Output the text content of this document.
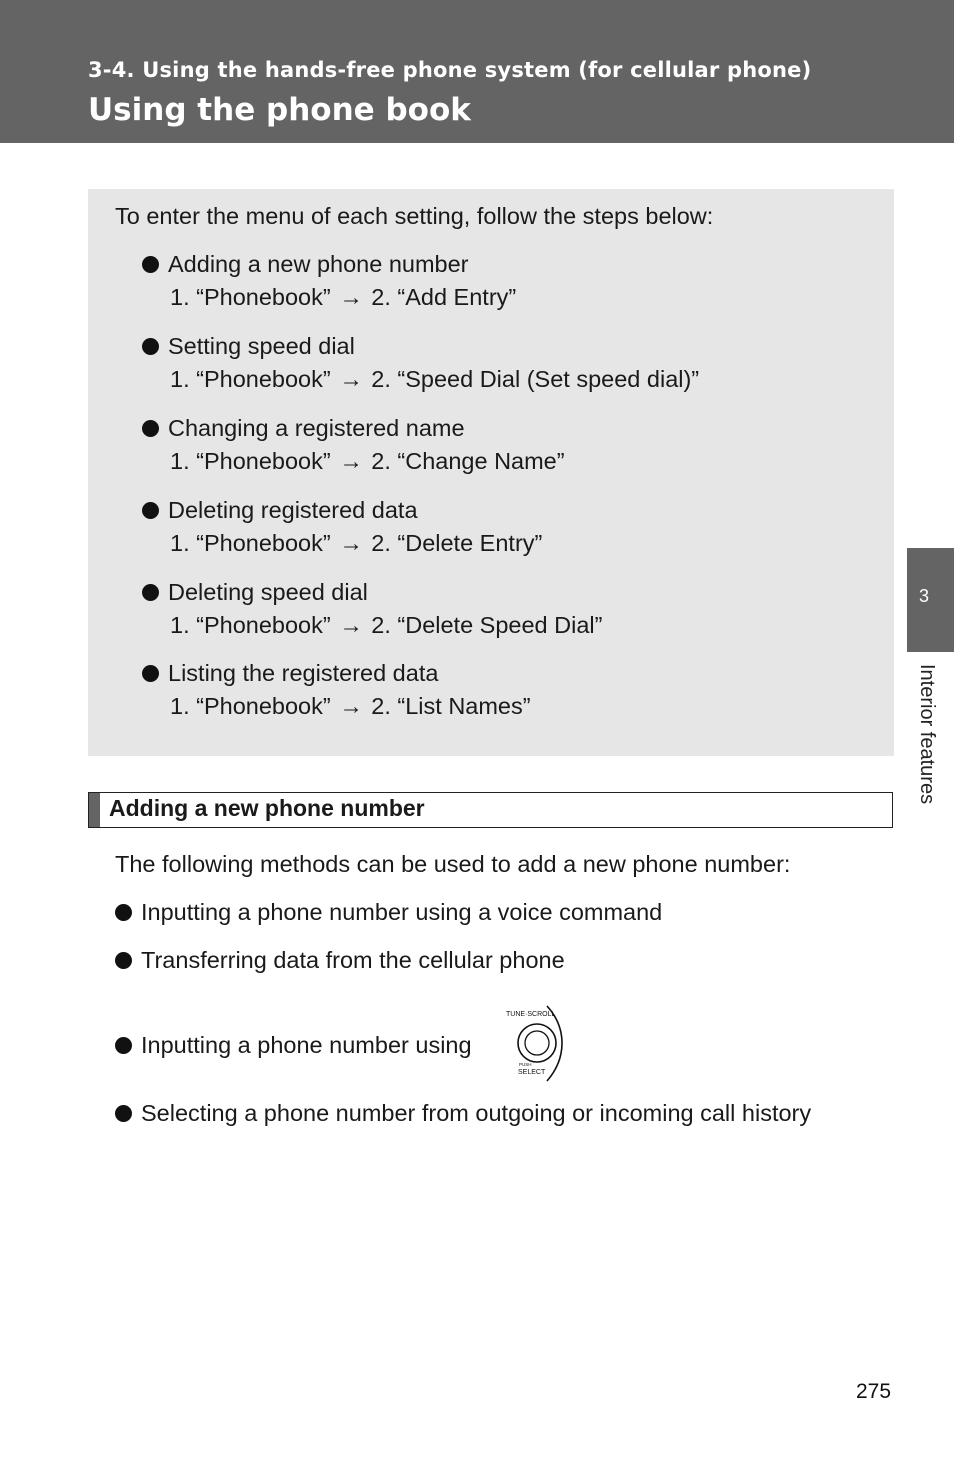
3-4. Using the hands-free phone system (for cellular phone)
Using the phone book
To enter the menu of each setting, follow the steps below:
Adding a new phone number
1. “Phonebook” → 2. “Add Entry”
Setting speed dial
1. “Phonebook” → 2. “Speed Dial (Set speed dial)”
Changing a registered name
1. “Phonebook” → 2. “Change Name”
Deleting registered data
1. “Phonebook” → 2. “Delete Entry”
Deleting speed dial
1. “Phonebook” → 2. “Delete Speed Dial”
Listing the registered data
1. “Phonebook” → 2. “List Names”
Adding a new phone number
The following methods can be used to add a new phone number:
Inputting a phone number using a voice command
Transferring data from the cellular phone
Inputting a phone number using
Selecting a phone number from outgoing or incoming call history
TUNE·SCROLL
PUSH
SELECT
3
Interior features
275
